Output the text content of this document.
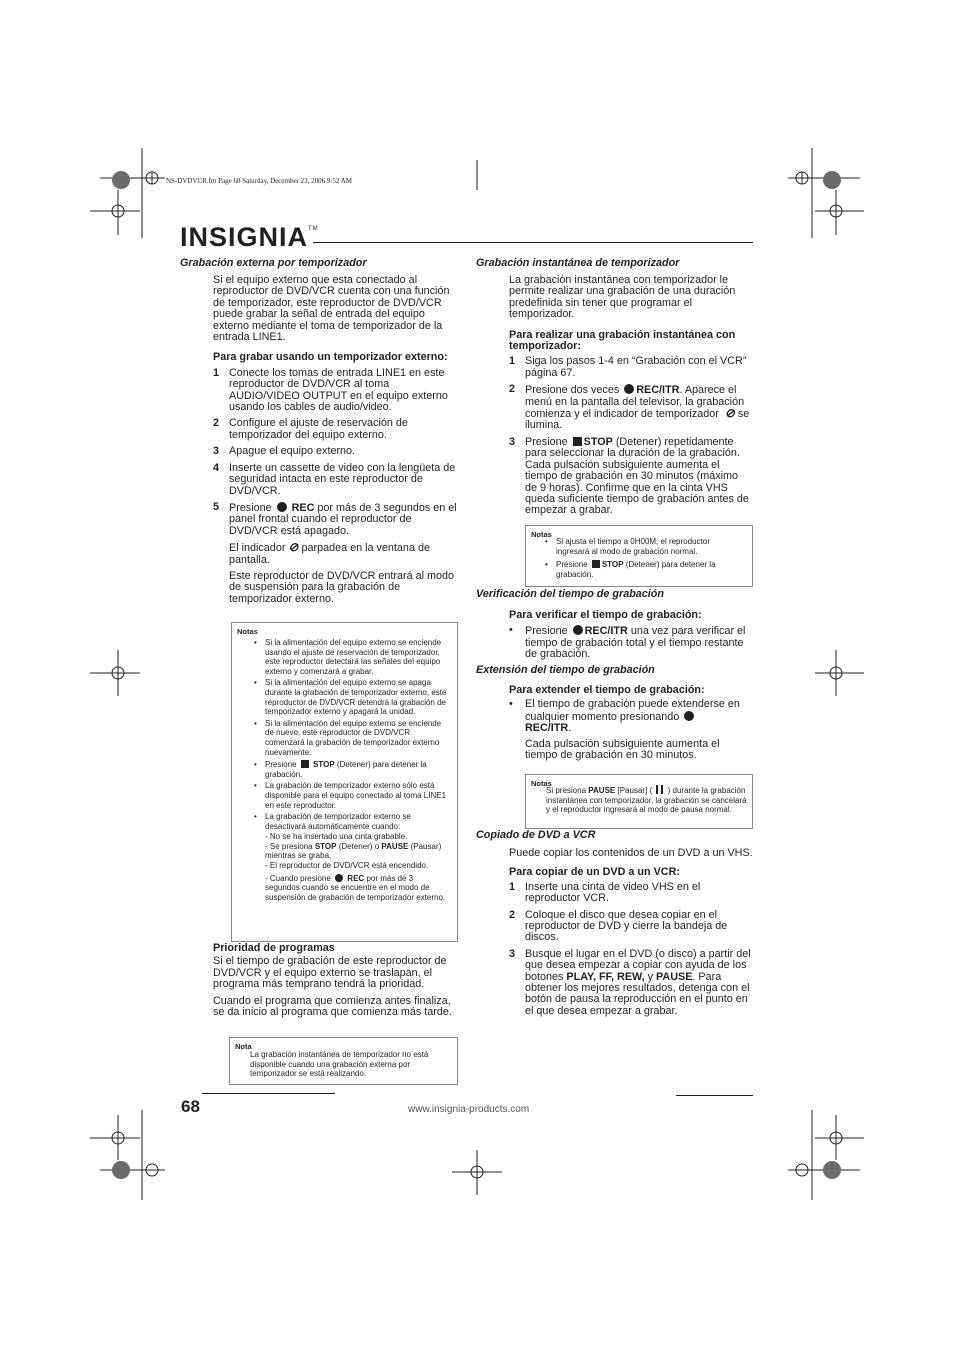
NS-DVDVCR.fm Page 68 Saturday, December 23, 2006 9:52 AM
INSIGNIA™
Grabación externa por temporizador

Si el equipo externo que esta conectado al reproductor de DVD/VCR cuenta con una función de temporizador, este reproductor de DVD/VCR puede grabar la señal de entrada del equipo externo mediante el toma de temporizador de la entrada LINE1.

Para grabar usando un temporizador externo:

1 Conecte los tomas de entrada LINE1 en este reproductor de DVD/VCR al toma AUDIO/VIDEO OUTPUT en el equipo externo usando los cables de audio/video.
2 Configure el ajuste de reservación de temporizador del equipo externo.
3 Apague el equipo externo.
4 Inserte un cassette de video con la lengüeta de seguridad intacta en este reproductor de DVD/VCR.
5 Presione REC por más de 3 segundos en el panel frontal cuando el reproductor de DVD/VCR está apagado.

El indicador ⊘ parpadea en la ventana de pantalla.

Este reproductor de DVD/VCR entrará al modo de suspensión para la grabación de temporizador externo.

Notas
• Si la alimentación del equipo externo se enciende usando el ajuste de reservación de temporizador, este reproductor detectará las señales del equipo externo y comenzará a grabar.
• Si la alimentación del equipo externo se apaga durante la grabación de temporizador externo, este reproductor de DVD/VCR detendrá la grabación de temporizador externo y apagará la unidad.
• Si la alimentación del equipo externo se enciende de nuevo, este reproductor de DVD/VCR comenzará la grabación de temporizador externo nuevamente.
• Presione STOP (Detener) para detener la grabación.
• La grabación de temporizador externo sólo está disponible para el equipo conectado al toma LINE1 en este reproductor.
• La grabación de temporizador externo se desactivará automáticamente cuando:
- No se ha insertado una cinta grabable.
- Se presiona STOP (Detener) o PAUSE (Pausar) mientras se graba.
- El reproductor de DVD/VCR está encendido.
- Cuando presione REC por más de 3 segundos cuando se encuentre en el modo de suspensión de grabación de temporizador externo.

Prioridad de programas

Si el tiempo de grabación de este reproductor de DVD/VCR y el equipo externo se traslapan, el programa más temprano tendrá la prioridad.

Cuando el programa que comienza antes finaliza, se da inicio al programa que comienza más tarde.

Nota
La grabación instantánea de temporizador no está disponible cuando una grabación externa por temporizador se está realizando.
Grabación instantánea de temporizador

La grabación instantánea con temporizador le permite realizar una grabación de una duración predefinida sin tener que programar el temporizador.

Para realizar una grabación instantánea con temporizador:

1 Siga los pasos 1-4 en “Grabación con el VCR” página 67.
2 Presione dos veces REC/ITR. Aparece el menú en la pantalla del televisor, la grabación comienza y el indicador de temporizador ⊘ se ilumina.
3 Presione STOP (Detener) repetidamente para seleccionar la duración de la grabación. Cada pulsación subsiguiente aumenta el tiempo de grabación en 30 minutos (máximo de 9 horas). Confirme que en la cinta VHS queda suficiente tiempo de grabación antes de empezar a grabar.
Notas
• Si ajusta el tiempo a 0H00M, el reproductor ingresará al modo de grabación normal.
• Presione STOP (Detener) para detener la grabación.
Verificación del tiempo de grabación

Para verificar el tiempo de grabación:

• Presione REC/ITR una vez para verificar el tiempo de grabación total y el tiempo restante de grabación.
Extensión del tiempo de grabación

Para extender el tiempo de grabación:

• El tiempo de grabación puede extenderse en cualquier momento presionando
REC/ITR.

Cada pulsación subsiguiente aumenta el tiempo de grabación en 30 minutos.

Notas
Si presiona PAUSE [Pausar] ( ) durante la grabación instantánea con temporizador, la grabación se cancelará y el reproductor ingresará al modo de pausa normal.
Copiado de DVD a VCR

Puede copiar los contenidos de un DVD a un VHS.

Para copiar de un DVD a un VCR:

1 Inserte una cinta de video VHS en el reproductor VCR.
2 Coloque el disco que desea copiar en el reproductor de DVD y cierre la bandeja de discos.
3 Busque el lugar en el DVD (o disco) a partir del que desea empezar a copiar con ayuda de los botones PLAY, FF, REW, y PAUSE. Para obtener los mejores resultados, detenga con el botón de pausa la reproducción en el punto en el que desea empezar a grabar.
68	www.insignia-products.com
